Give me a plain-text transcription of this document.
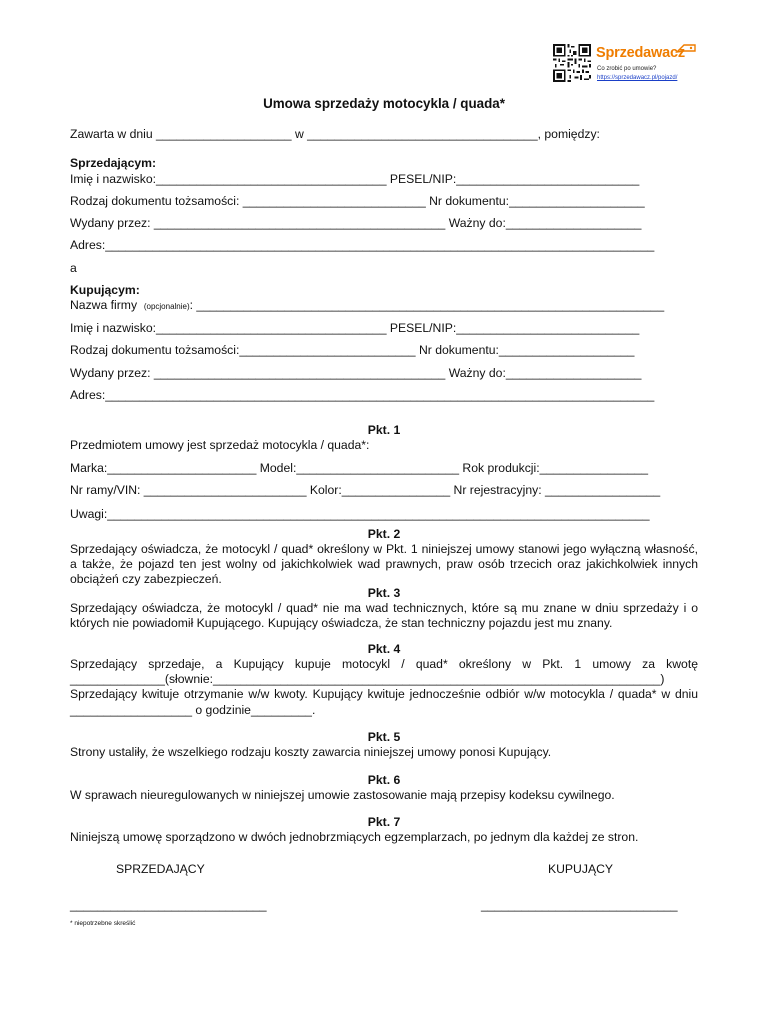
Sprzedawacz
Co zrobić po umowie?
https://sprzedawacz.pl/pojazd/
Umowa sprzedaży motocykla / quada*
Zawarta w dniu ____________________ w __________________________________, pomiędzy:
Sprzedającym:
Imię i nazwisko:__________________________________ PESEL/NIP:___________________________
Rodzaj dokumentu tożsamości: ___________________________ Nr dokumentu:____________________
Wydany przez: ___________________________________________ Ważny do:____________________
Adres:_________________________________________________________________________________
a
Kupującym:
Nazwa firmy (opcjonalnie): _____________________________________________________________________
Imię i nazwisko:__________________________________ PESEL/NIP:___________________________
Rodzaj dokumentu tożsamości:__________________________ Nr dokumentu:____________________
Wydany przez: ___________________________________________ Ważny do:____________________
Adres:_________________________________________________________________________________
Pkt. 1
Przedmiotem umowy jest sprzedaż motocykla / quada*:
Marka:______________________ Model:________________________ Rok produkcji:________________
Nr ramy/VIN: ________________________ Kolor:________________ Nr rejestracyjny: _________________
Uwagi:________________________________________________________________________________
Pkt. 2
Sprzedający oświadcza, że motocykl / quad* określony w Pkt. 1 niniejszej umowy stanowi jego wyłączną własność, a także, że pojazd ten jest wolny od jakichkolwiek wad prawnych, praw osób trzecich oraz jakichkolwiek innych obciążeń czy zabezpieczeń.
Pkt. 3
Sprzedający oświadcza, że motocykl / quad* nie ma wad technicznych, które są mu znane w dniu sprzedaży i o których nie powiadomił Kupującego. Kupujący oświadcza, że stan techniczny pojazdu jest mu znany.
Pkt. 4
Sprzedający sprzedaje, a Kupujący kupuje motocykl / quad* określony w Pkt. 1 umowy za kwotę ______________(słownie:__________________________________________________________________) Sprzedający kwituje otrzymanie w/w kwoty. Kupujący kwituje jednocześnie odbiór w/w motocykla / quada* w dniu __________________ o godzinie_________.
Pkt. 5
Strony ustaliły, że wszelkiego rodzaju koszty zawarcia niniejszej umowy ponosi Kupujący.
Pkt. 6
W sprawach nieuregulowanych w niniejszej umowie zastosowanie mają przepisy kodeksu cywilnego.
Pkt. 7
Niniejszą umowę sporządzono w dwóch jednobrzmiących egzemplarzach, po jednym dla każdej ze stron.
SPRZEDAJĄCY	KUPUJĄCY
_____________________________	_____________________________
* niepotrzebne skreślić
